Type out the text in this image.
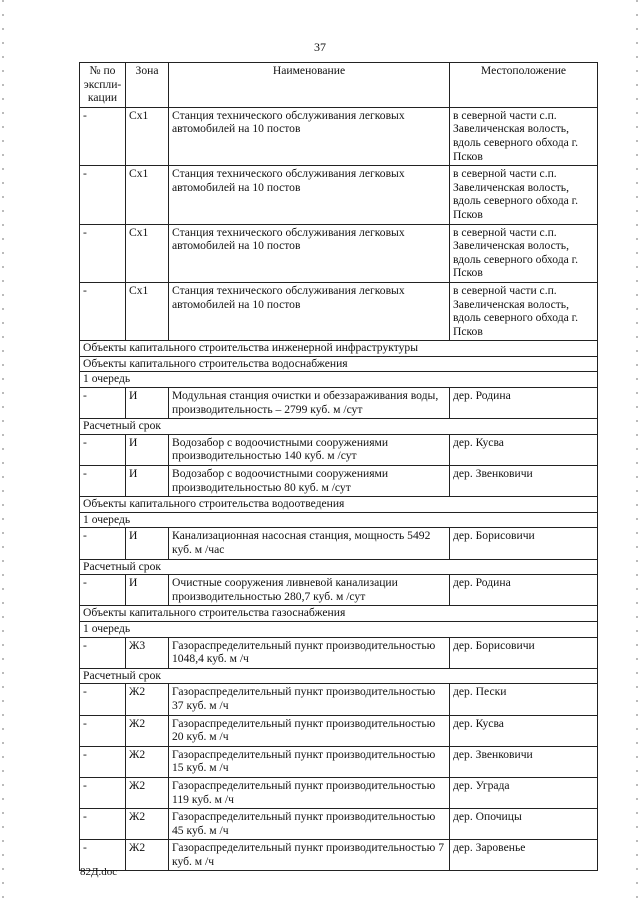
37
№ по экспли-кации	Зона	Наименование	Местоположение
-	Сх1	Станция технического обслуживания легковых автомобилей на 10 постов	в северной части с.п. Завеличенская волость, вдоль северного обхода г. Псков
-	Сх1	Станция технического обслуживания легковых автомобилей на 10 постов	в северной части с.п. Завеличенская волость, вдоль северного обхода г. Псков
-	Сх1	Станция технического обслуживания легковых автомобилей на 10 постов	в северной части с.п. Завеличенская волость, вдоль северного обхода г. Псков
-	Сх1	Станция технического обслуживания легковых автомобилей на 10 постов	в северной части с.п. Завеличенская волость, вдоль северного обхода г. Псков
Объекты капитального строительства инженерной инфраструктуры			
Объекты капитального строительства водоснабжения			
1 очередь			
-	И	Модульная станция очистки и обеззараживания воды, производительность – 2799 куб. м /сут	дер. Родина
Расчетный срок			
-	И	Водозабор с водоочистными сооружениями производительностью 140 куб. м /сут	дер. Кусва
-	И	Водозабор с водоочистными сооружениями производительностью 80 куб. м /сут	дер. Звенковичи
Объекты капитального строительства водоотведения			
1 очередь			
-	И	Канализационная насосная станция, мощность 5492 куб. м /час	дер. Борисовичи
Расчетный срок			
-	И	Очистные сооружения ливневой канализации производительностью 280,7 куб. м /сут	дер. Родина
Объекты капитального строительства газоснабжения			
1 очередь			
-	Ж3	Газораспределительный пункт производительностью 1048,4 куб. м /ч	дер. Борисовичи
Расчетный срок			
-	Ж2	Газораспределительный пункт производительностью 37 куб. м /ч	дер. Пески
-	Ж2	Газораспределительный пункт производительностью 20 куб. м /ч	дер. Кусва
-	Ж2	Газораспределительный пункт производительностью 15 куб. м /ч	дер. Звенковичи
-	Ж2	Газораспределительный пункт производительностью 119 куб. м /ч	дер. Уграда
-	Ж2	Газораспределительный пункт производительностью 45 куб. м /ч	дер. Опочицы
-	Ж2	Газораспределительный пункт производительностью 7 куб. м /ч	дер. Заровенье
82Д.doc
